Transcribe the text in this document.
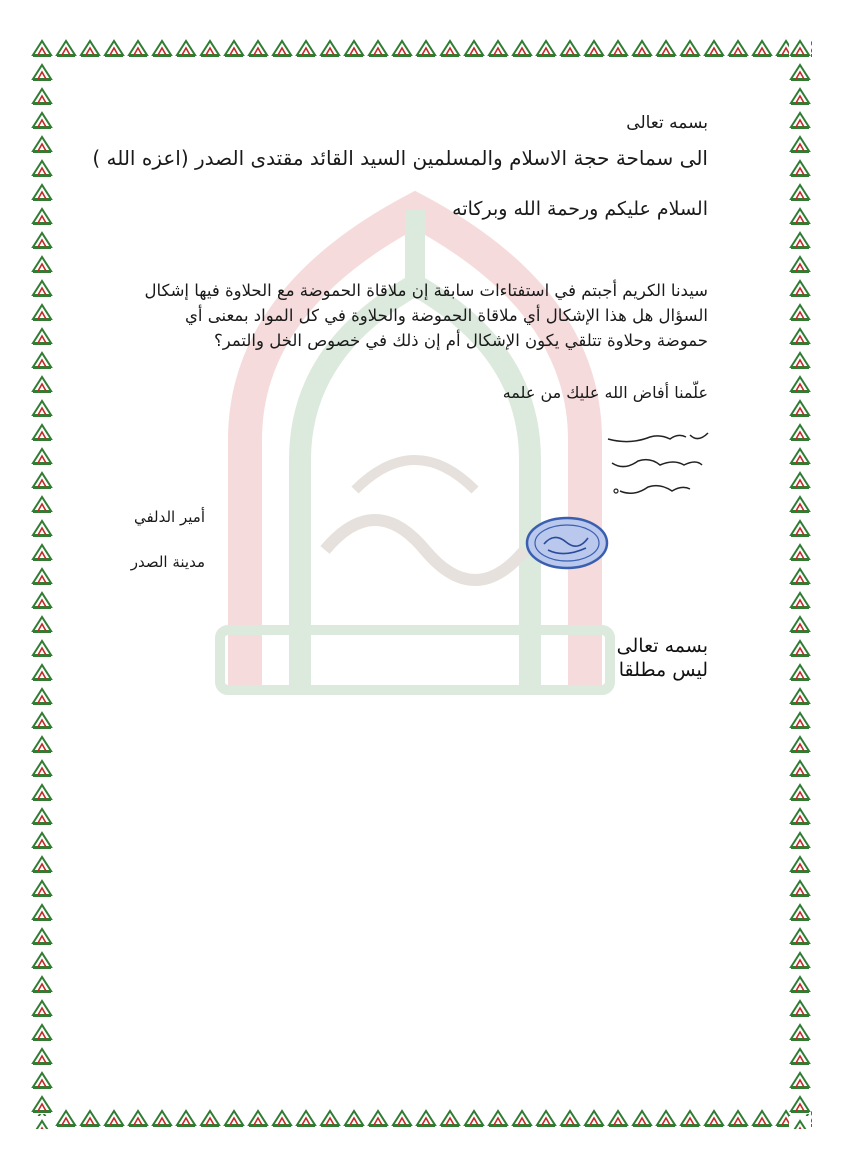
بسمه تعالى
الى سماحة حجة الاسلام والمسلمين السيد القائد مقتدى الصدر (اعزه الله )
السلام عليكم ورحمة الله وبركاته
سيدنا الكريم أجبتم في استفتاءات سابقة إن ملاقاة الحموضة مع الحلاوة فيها إشكال
السؤال هل هذا الإشكال أي ملاقاة الحموضة والحلاوة في كل المواد بمعنى أي
حموضة وحلاوة تتلقي يكون الإشكال أم إن ذلك في خصوص الخل والتمر؟
علّمنا أفاض الله عليك من علمه
أمير الدلفي
مدينة الصدر
بسمه تعالى
ليس مطلقا
